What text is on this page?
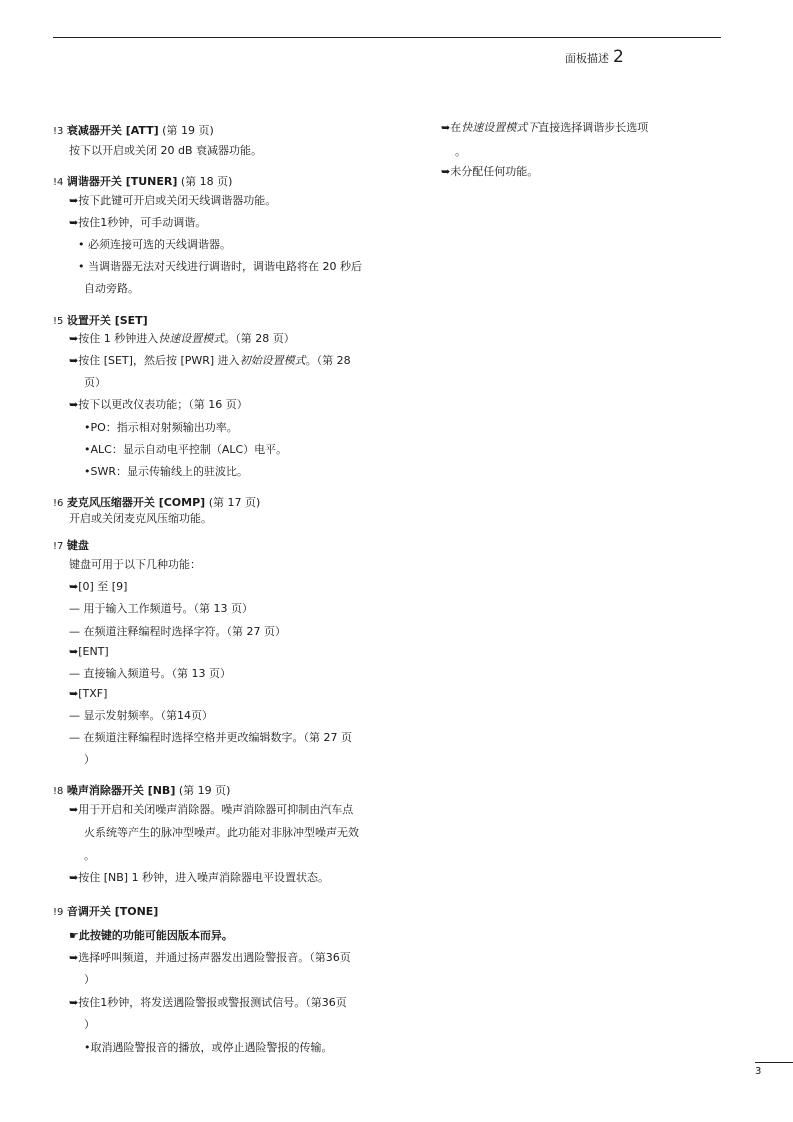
面板描述 2
!3 衰减器开关 [ATT] (第 19 页)
按下以开启或关闭 20 dB 衰减器功能。
!4 调谐器开关 [TUNER] (第 18 页)
➥按下此键可开启或关闭天线调谐器功能。
➥按住1秒钟，可手动调谐。
• 必须连接可选的天线调谐器。
• 当调谐器无法对天线进行调谐时，调谐电路将在 20 秒后
自动旁路。
!5 设置开关 [SET]
➥按住 1 秒钟进入快速设置模式。（第 28 页）
➥按住 [SET]，然后按 [PWR] 进入初始设置模式。（第 28
页）
➥按下以更改仪表功能；（第 16 页）
•PO：指示相对射频输出功率。
•ALC：显示自动电平控制（ALC）电平。
•SWR：显示传输线上的驻波比。
!6 麦克风压缩器开关 [COMP] (第 17 页)
开启或关闭麦克风压缩功能。
!7 键盘
键盘可用于以下几种功能：
➥[0] 至 [9]
— 用于输入工作频道号。（第 13 页）
— 在频道注释编程时选择字符。（第 27 页）
➥[ENT]
— 直接输入频道号。（第 13 页）
➥[TXF]
— 显示发射频率。（第14页）
— 在频道注释编程时选择空格并更改编辑数字。（第 27 页
）
!8 噪声消除器开关 [NB] (第 19 页)
➥用于开启和关闭噪声消除器。噪声消除器可抑制由汽车点
火系统等产生的脉冲型噪声。此功能对非脉冲型噪声无效
。
➥按住 [NB] 1 秒钟，进入噪声消除器电平设置状态。
!9 音调开关 [TONE]
☛此按键的功能可能因版本而异。
➥选择呼叫频道，并通过扬声器发出遇险警报音。（第36页
）
➥按住1秒钟，将发送遇险警报或警报测试信号。（第36页
）
•取消遇险警报音的播放，或停止遇险警报的传输。
➥在快速设置模式下直接选择调谐步长选项
。
➥未分配任何功能。
3
